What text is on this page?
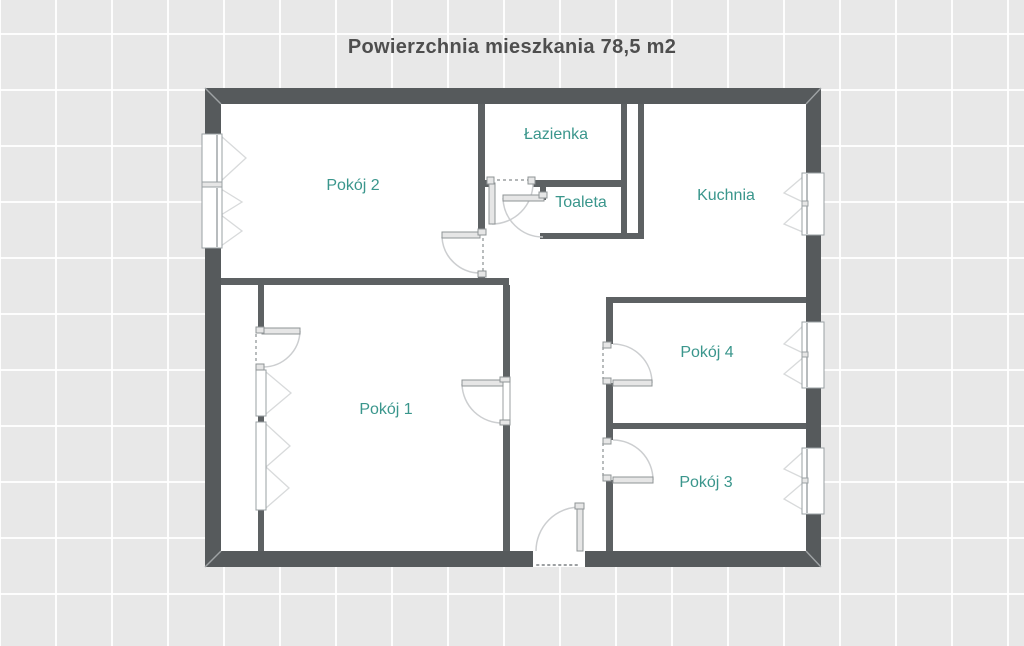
Powierzchnia mieszkania 78,5 m2
Pokój 2
Łazienka
Toaleta	Kuchnia
Pokój 1
Pokój 4
Pokój 3
